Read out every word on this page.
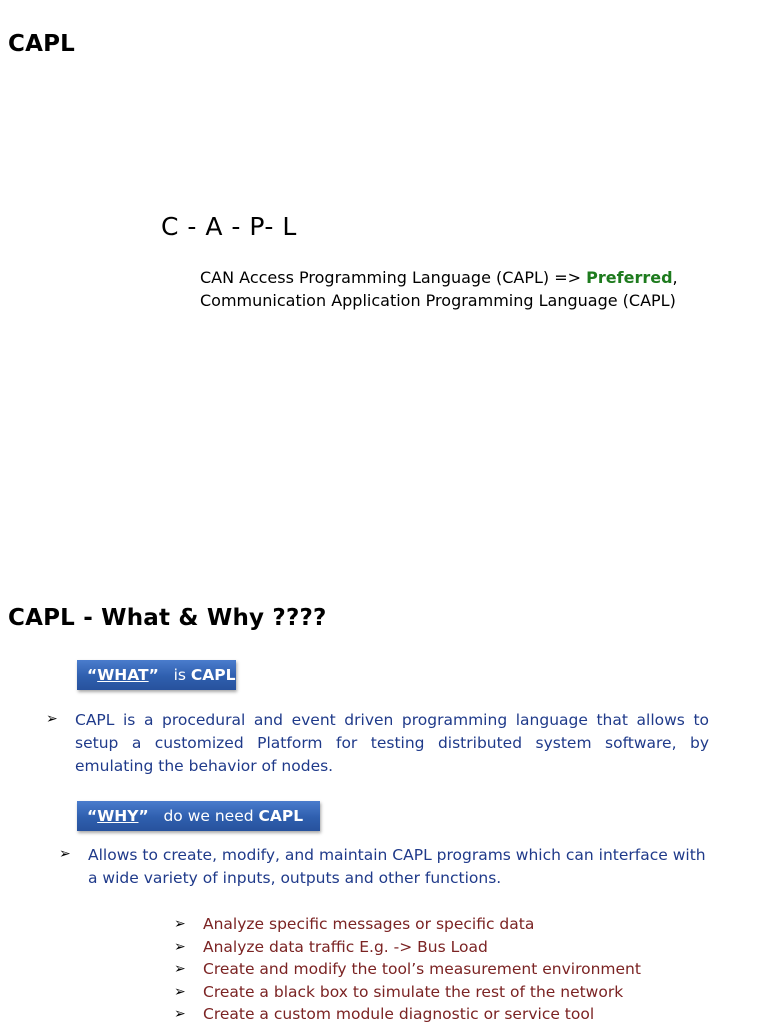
CAPL
C - A - P- L
CAN Access Programming Language (CAPL) => Preferred,
Communication Application Programming Language (CAPL)
CAPL - What & Why ????
“WHAT” is CAPL
➢ CAPL is a procedural and event driven programming language that allows to setup a customized Platform for testing distributed system software, by emulating the behavior of nodes.

“WHY” do we need CAPL
➢ Allows to create, modify, and maintain CAPL programs which can interface with a wide variety of inputs, outputs and other functions.

➢ Analyze specific messages or specific data
➢ Analyze data traffic E.g. -> Bus Load
➢ Create and modify the tool’s measurement environment
➢ Create a black box to simulate the rest of the network
➢ Create a custom module diagnostic or service tool
